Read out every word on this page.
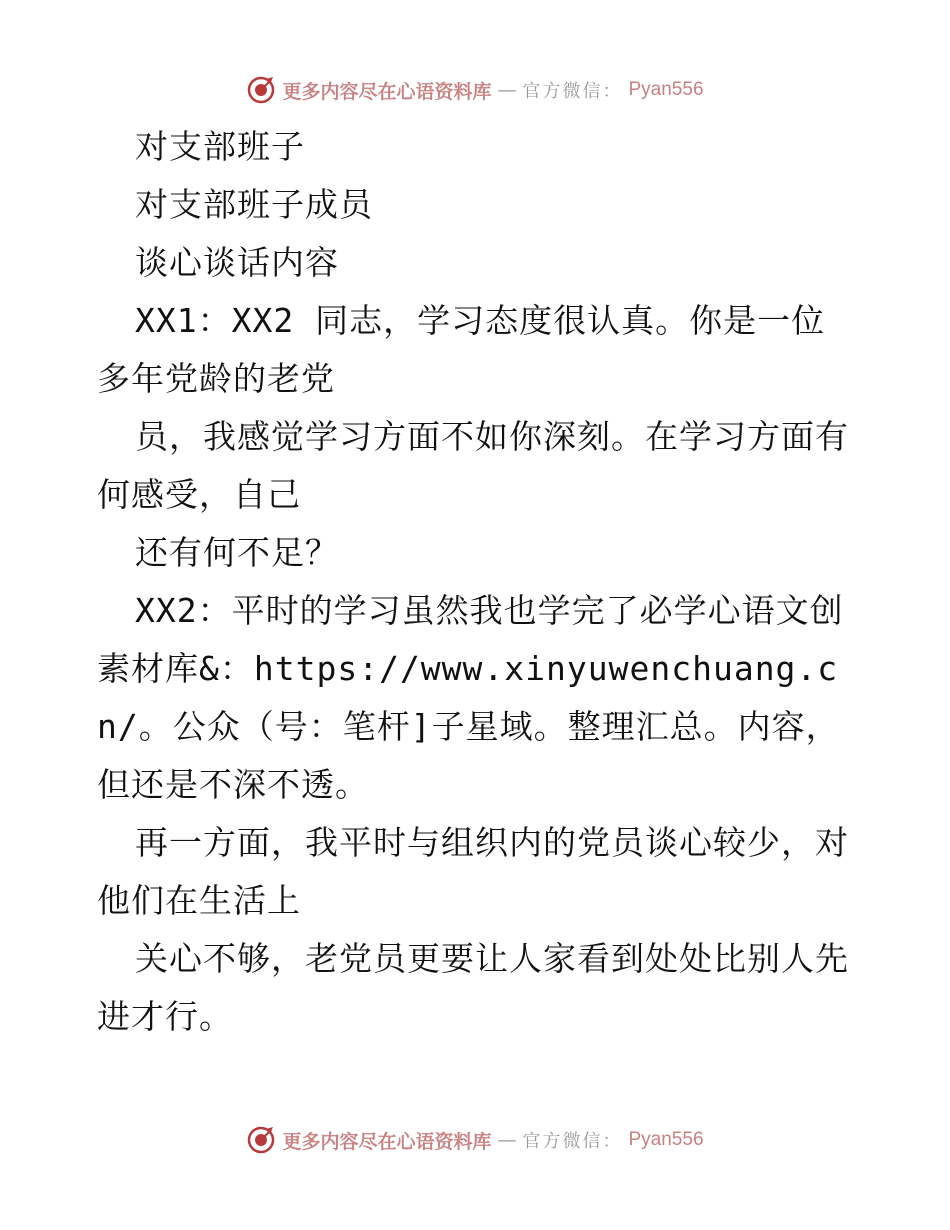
更多内容尽在心语资料库 — 官方微信： Pyan556

对支部班子

对支部班子成员

谈心谈话内容

XX1：XX2 同志，学习态度很认真。你是一位多年党龄的老党

员，我感觉学习方面不如你深刻。在学习方面有何感受，自己

还有何不足？

XX2：平时的学习虽然我也学完了必学心语文创素材库&：https://www.xinyuwenchuang.cn/。公众（号：笔杆]子星域。整理汇总。内容，但还是不深不透。

再一方面，我平时与组织内的党员谈心较少，对他们在生活上

关心不够，老党员更要让人家看到处处比别人先进才行。

更多内容尽在心语资料库 — 官方微信： Pyan556
